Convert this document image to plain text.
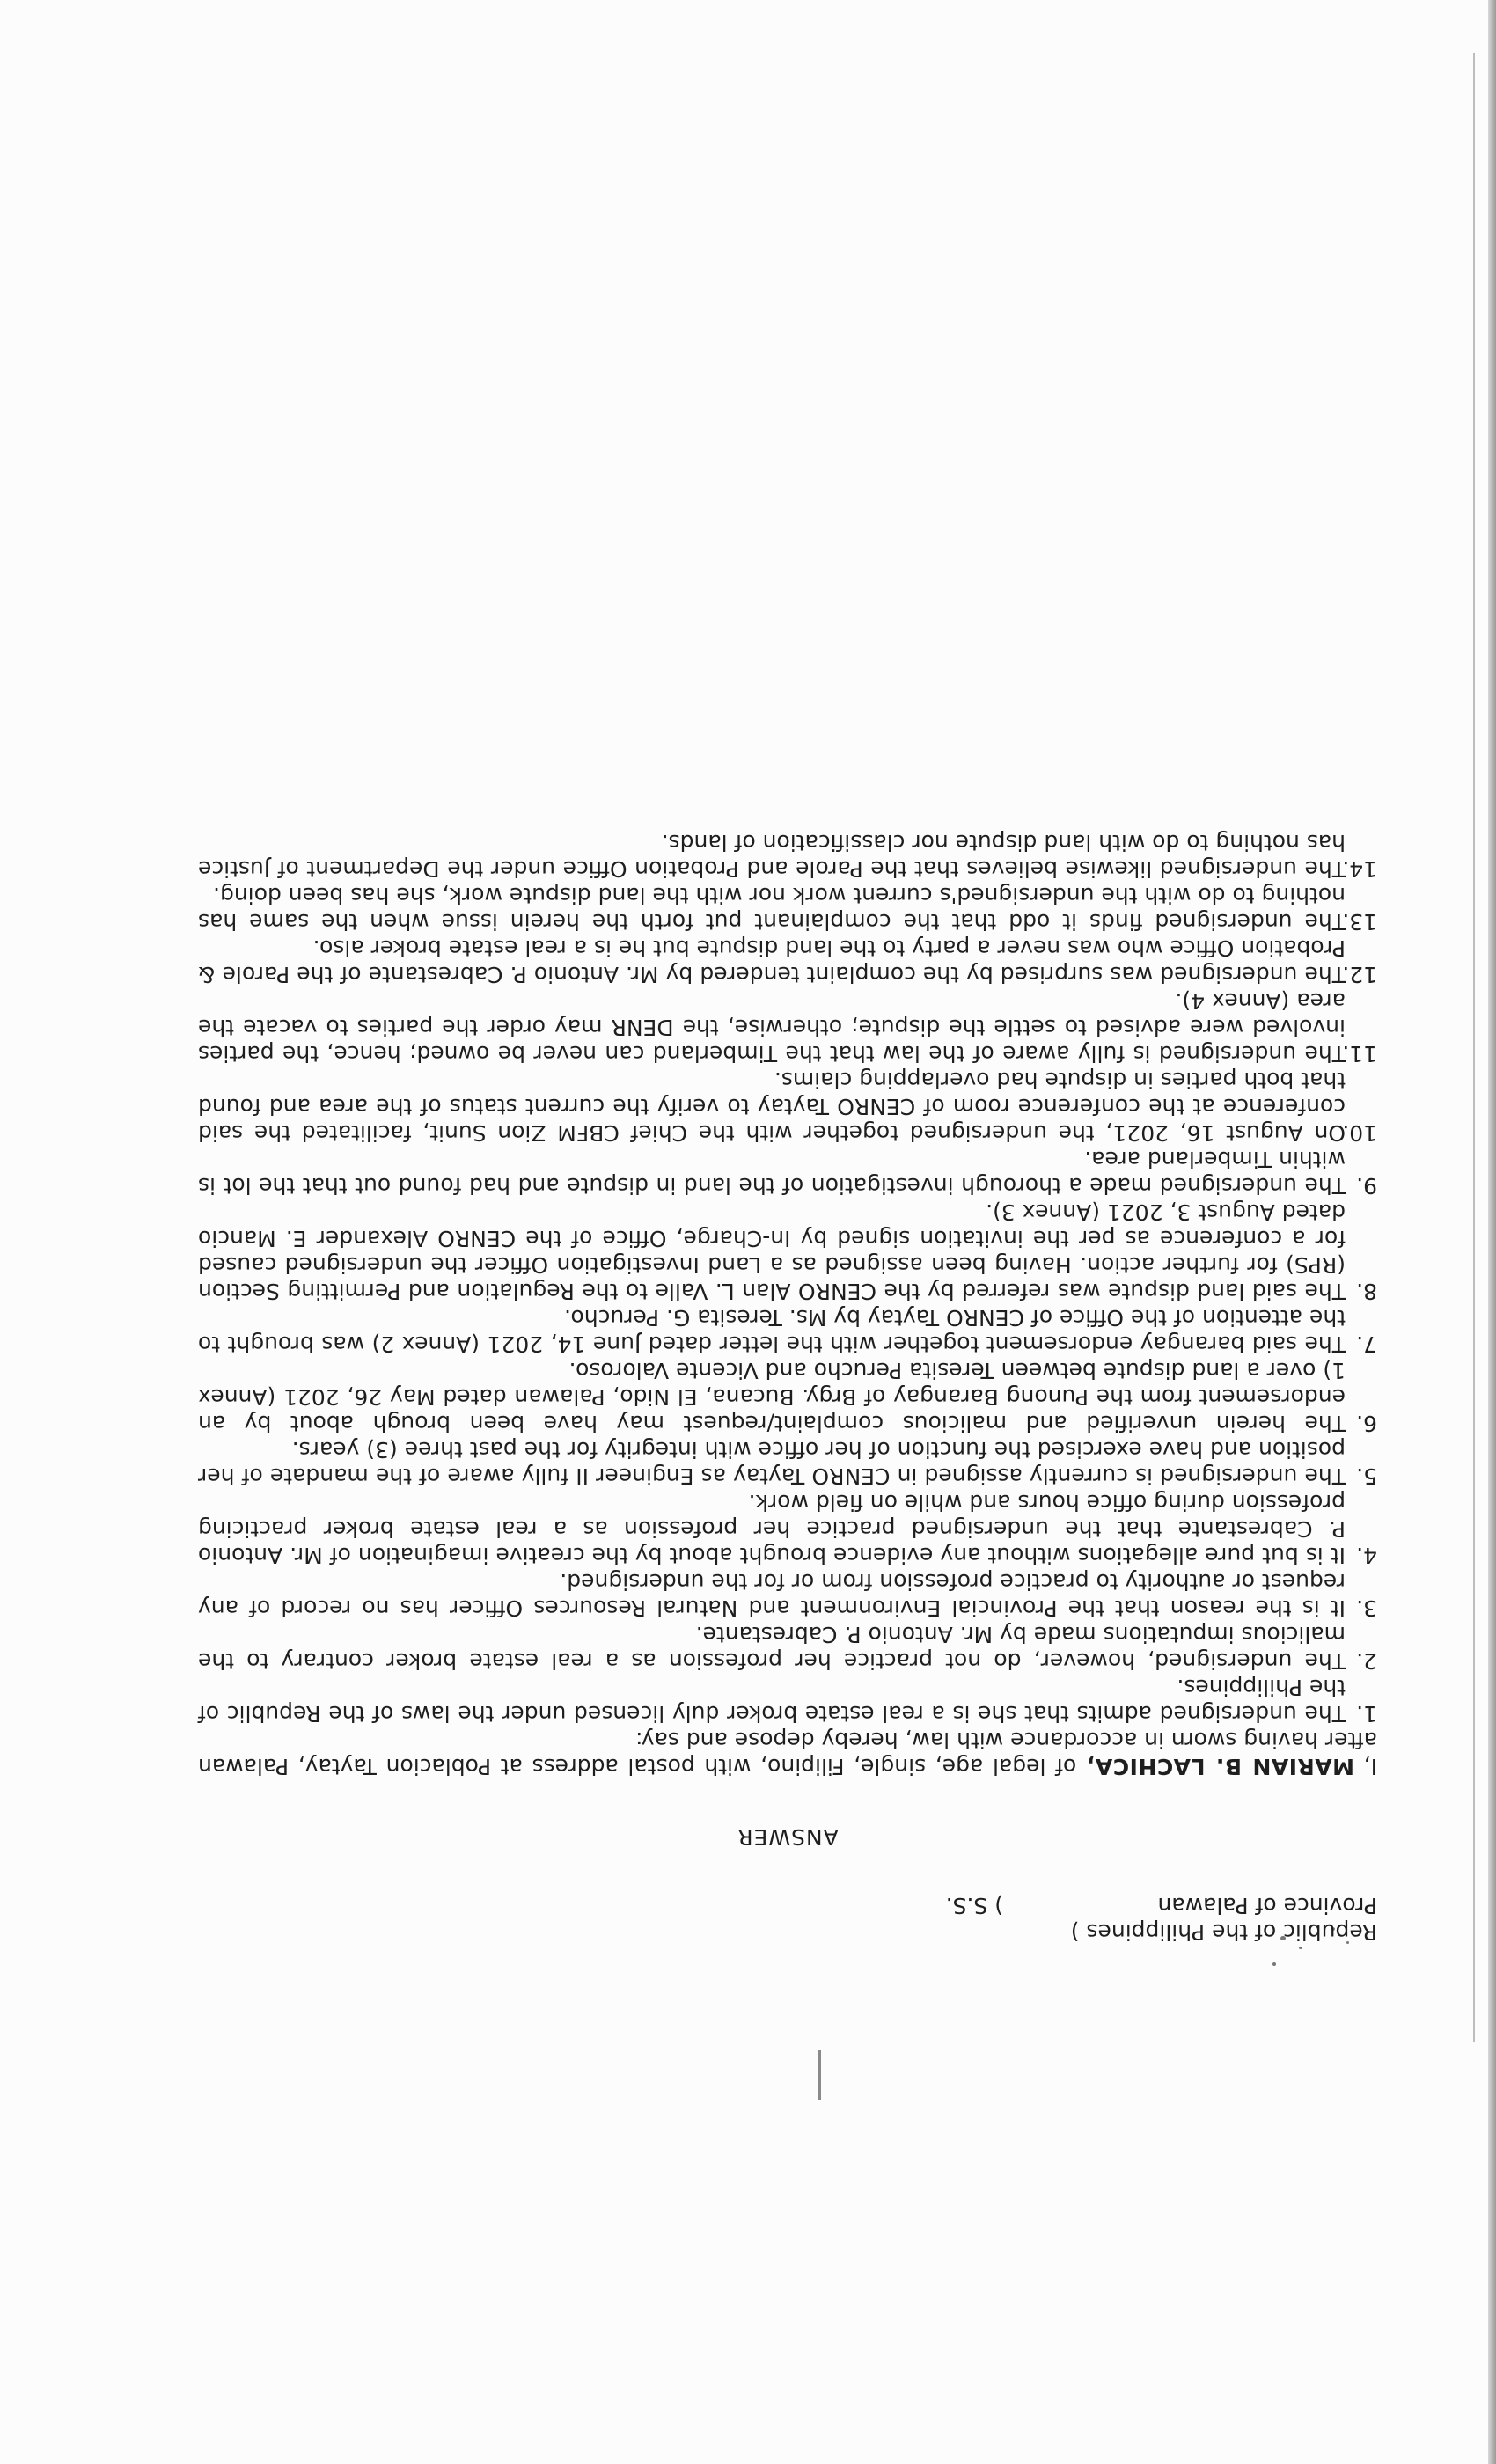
Republic of the Philippines )
Province of Palawan
) S.S.
ANSWER

I, MARIAN B. LACHICA, of legal age, single, Filipino, with postal address at Poblacion Taytay, Palawan after having sworn in accordance with law, hereby depose and say:

1.
The undersigned admits that she is a real estate broker duly licensed under the laws of the Republic of the Philippines.
2.
The undersigned, however, do not practice her profession as a real estate broker contrary to the malicious imputations made by Mr. Antonio P. Cabrestante.
3.
It is the reason that the Provincial Environment and Natural Resources Officer has no record of any request or authority to practice profession from or for the undersigned.
4.
It is but pure allegations without any evidence brought about by the creative imagination of Mr. Antonio P. Cabrestante that the undersigned practice her profession as a real estate broker practicing profession during office hours and while on field work.
5.
The undersigned is currently assigned in CENRO Taytay as Engineer II fully aware of the mandate of her position and have exercised the function of her office with integrity for the past three (3) years.
6.
The herein unverified and malicious complaint/request may have been brough about by an endorsement from the Punong Barangay of Brgy. Bucana, El Nido, Palawan dated May 26, 2021 (Annex 1) over a land dispute between Teresita Perucho and Vicente Valoroso.
7.
The said barangay endorsement together with the letter dated June 14, 2021 (Annex 2) was brought to the attention of the Office of CENRO Taytay by Ms. Teresita G. Perucho.
8.
The said land dispute was referred by the CENRO Alan L. Valle to the Regulation and Permitting Section (RPS) for further action. Having been assigned as a Land Investigation Officer the undersigned caused for a conference as per the invitation signed by In-Charge, Office of the CENRO Alexander E. Mancio dated August 3, 2021 (Annex 3).
9.
The undersigned made a thorough investigation of the land in dispute and had found out that the lot is within Timberland area.
10.
On August 16, 2021, the undersigned together with the Chief CBFM Zion Sunit, facilitated the said conference at the conference room of CENRO Taytay to verify the current status of the area and found that both parties in dispute had overlapping claims.
11.
The undersigned is fully aware of the law that the Timberland can never be owned; hence, the parties involved were advised to settle the dispute; otherwise, the DENR may order the parties to vacate the area (Annex 4).
12.
The undersigned was surprised by the complaint tendered by Mr. Antonio P. Cabrestante of the Parole & Probation Office who was never a party to the land dispute but he is a real estate broker also.
13.
The undersigned finds it odd that the complainant put forth the herein issue when the same has nothing to do with the undersigned's current work nor with the land dispute work, she has been doing.
14.
The undersigned likewise believes that the Parole and Probation Office under the Department of Justice has nothing to do with land dispute nor classification of lands.
